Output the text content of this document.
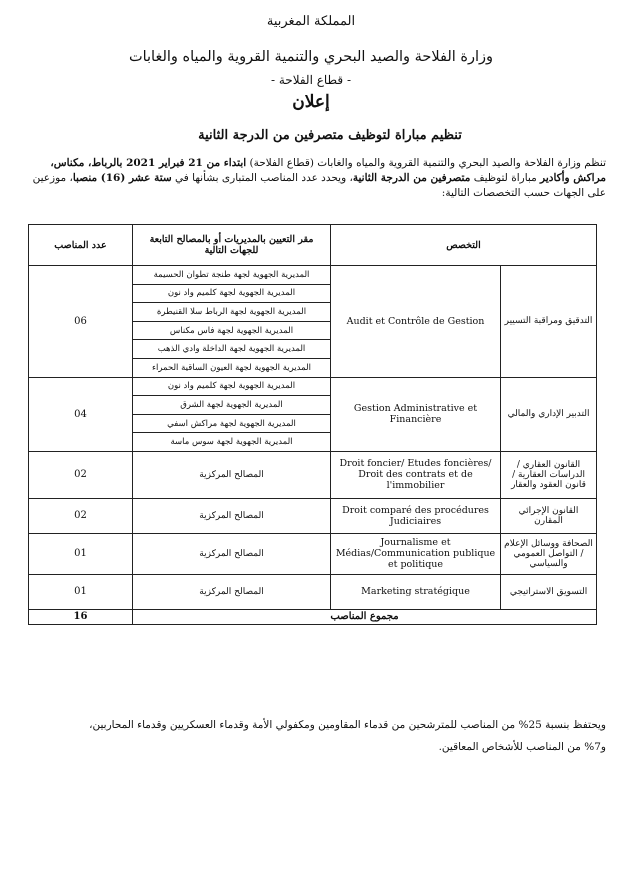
المملكة المغربية
وزارة الفلاحة والصيد البحري والتنمية القروية والمياه والغابات
- قطاع الفلاحة -
إعلان
تنظيم مباراة لتوظيف متصرفين من الدرجة الثانية
تنظم وزارة الفلاحة والصيد البحري والتنمية القروية والمياه والغابات (قطاع الفلاحة) ابتداء من 21 فبراير 2021 بالرباط، مكناس، مراكش وأكادير مباراة لتوظيف متصرفين من الدرجة الثانية، ويحدد عدد المناصب المتبارى بشأنها في ستة عشر (16) منصبا، موزعين على الجهات حسب التخصصات التالية:
التخصص		مقر التعيين بالمديريات أو بالمصالح التابعة للجهات التالية	عدد المناصب
التدقيق ومراقبة التسيير	Audit et Contrôle de Gestion	المديرية الجهوية لجهة طنجة تطوان الحسيمة	06
		المديرية الجهوية لجهة كلميم واد نون	
		المديرية الجهوية لجهة الرباط سلا القنيطرة	
		المديرية الجهوية لجهة فاس مكناس	
		المديرية الجهوية لجهة الداخلة وادي الذهب	
		المديرية الجهوية لجهة العيون الساقية الحمراء	
التدبير الإداري والمالي	Gestion Administrative et Financière	المديرية الجهوية لجهة كلميم واد نون	04
		المديرية الجهوية لجهة الشرق	
		المديرية الجهوية لجهة مراكش اسفي	
		المديرية الجهوية لجهة سوس ماسة	
القانون العقاري /الدراسات العقارية / قانون العقود والعقار	Droit foncier/ Etudes foncières/ Droit des contrats et de l'immobilier	المصالح المركزية	02
القانون الإجرائي المقارن	Droit comparé des procédures Judiciaires	المصالح المركزية	02
الصحافة ووسائل الإعلام / التواصل العمومي والسياسي	Journalisme et Médias/Communication publique et politique	المصالح المركزية	01
التسويق الاستراتيجي	Marketing stratégique	المصالح المركزية	01
مجموع المناصب			16
ويحتفظ بنسبة 25% من المناصب للمترشحين من قدماء المقاومين ومكفولي الأمة وقدماء العسكريين وقدماء المحاربين،
و7% من المناصب للأشخاص المعاقين.
